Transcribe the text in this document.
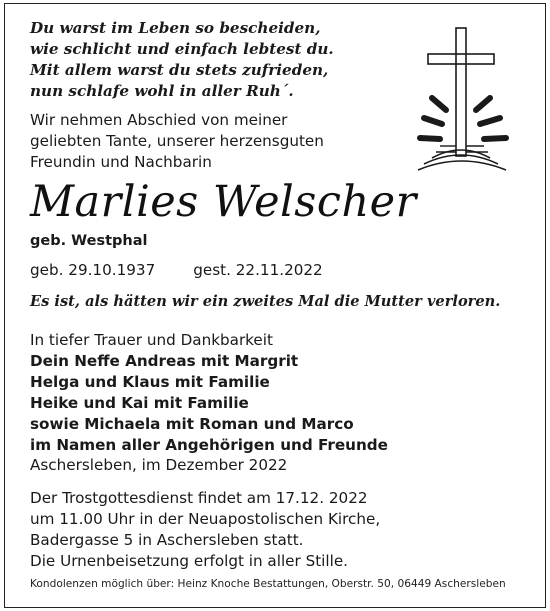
Du warst im Leben so bescheiden,
wie schlicht und einfach lebtest du.
Mit allem warst du stets zufrieden,
nun schlafe wohl in aller Ruh´.
Wir nehmen Abschied von meiner
geliebten Tante, unserer herzensguten
Freundin und Nachbarin
Marlies Welscher
geb. Westphal
geb. 29.10.1937	gest. 22.11.2022
Es ist, als hätten wir ein zweites Mal die Mutter verloren.
In tiefer Trauer und Dankbarkeit
Dein Neffe Andreas mit Margrit
Helga und Klaus mit Familie
Heike und Kai mit Familie
sowie Michaela mit Roman und Marco
im Namen aller Angehörigen und Freunde
Aschersleben, im Dezember 2022
Der Trostgottesdienst findet am 17.12. 2022
um 11.00 Uhr in der Neuapostolischen Kirche,
Badergasse 5 in Aschersleben statt.
Die Urnenbeisetzung erfolgt in aller Stille.
Kondolenzen möglich über: Heinz Knoche Bestattungen, Oberstr. 50, 06449 Aschersleben
